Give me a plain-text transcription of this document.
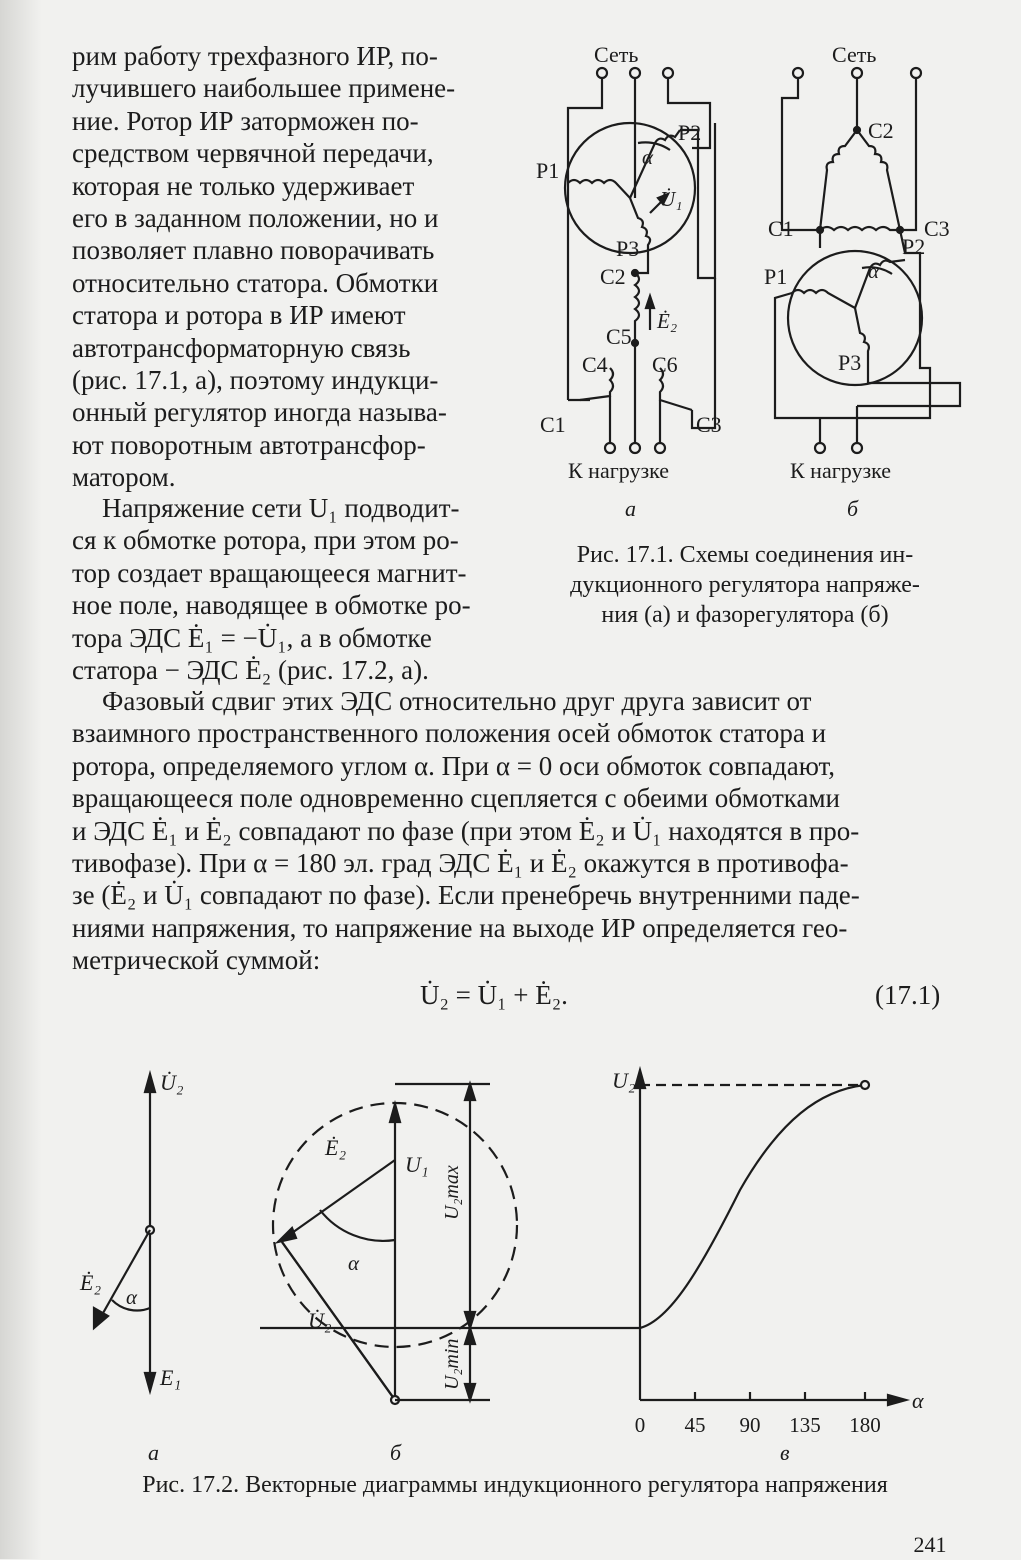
рим работу трехфазного ИР, по-
лучившего наибольшее примене-
ние. Ротор ИР заторможен по-
средством червячной передачи,
которая не только удерживает
его в заданном положении, но и
позволяет плавно поворачивать
относительно статора. Обмотки
статора и ротора в ИР имеют
автотрансформаторную связь
(рис. 17.1, а), поэтому индукци-
онный регулятор иногда называ-
ют поворотным автотрансфор-
матором.
Напряжение сети U₁ подводит-
ся к обмотке ротора, при этом ро-
тор создает вращающееся магнит-
ное поле, наводящее в обмотке ро-
тора ЭДС Ė₁ = −U̇₁, а в обмотке
статора − ЭДС Ė₂ (рис. 17.2, а).
Фазовый сдвиг этих ЭДС относительно друг друга зависит от
взаимного пространственного положения осей обмоток статора и
ротора, определяемого углом α. При α = 0 оси обмоток совпадают,
вращающееся поле одновременно сцепляется с обеими обмотками
и ЭДС Ė₁ и Ė₂ совпадают по фазе (при этом Ė₂ и U̇₁ находятся в про-
тивофазе). При α = 180 эл. град ЭДС Ė₁ и Ė₂ окажутся в противофа-
зе (Ė₂ и U̇₁ совпадают по фазе). Если пренебречь внутренними паде-
ниями напряжения, то напряжение на выходе ИР определяется гео-
метрической суммой:
U̇₂ = U̇₁ + Ė₂.	(17.1)
Сеть
P1
P2
P3
C2
C5
C4 C6
C1	C3
α
U̇₁
Ė₂
К нагрузке
а
Сеть
C2
C1	C3
P2
P1
P3
α
К нагрузке
б
Рис. 17.1. Схемы соединения ин-
дукционного регулятора напряже-
ния (а) и фазорегулятора (б)
U̇₂
Ė₂
α
E₁
а
Ė₂
U₁
α
U̇₂
U₂max
U₂min
б
U₂
α
0 45 90 135 180
в
Рис. 17.2. Векторные диаграммы индукционного регулятора напряжения
241
